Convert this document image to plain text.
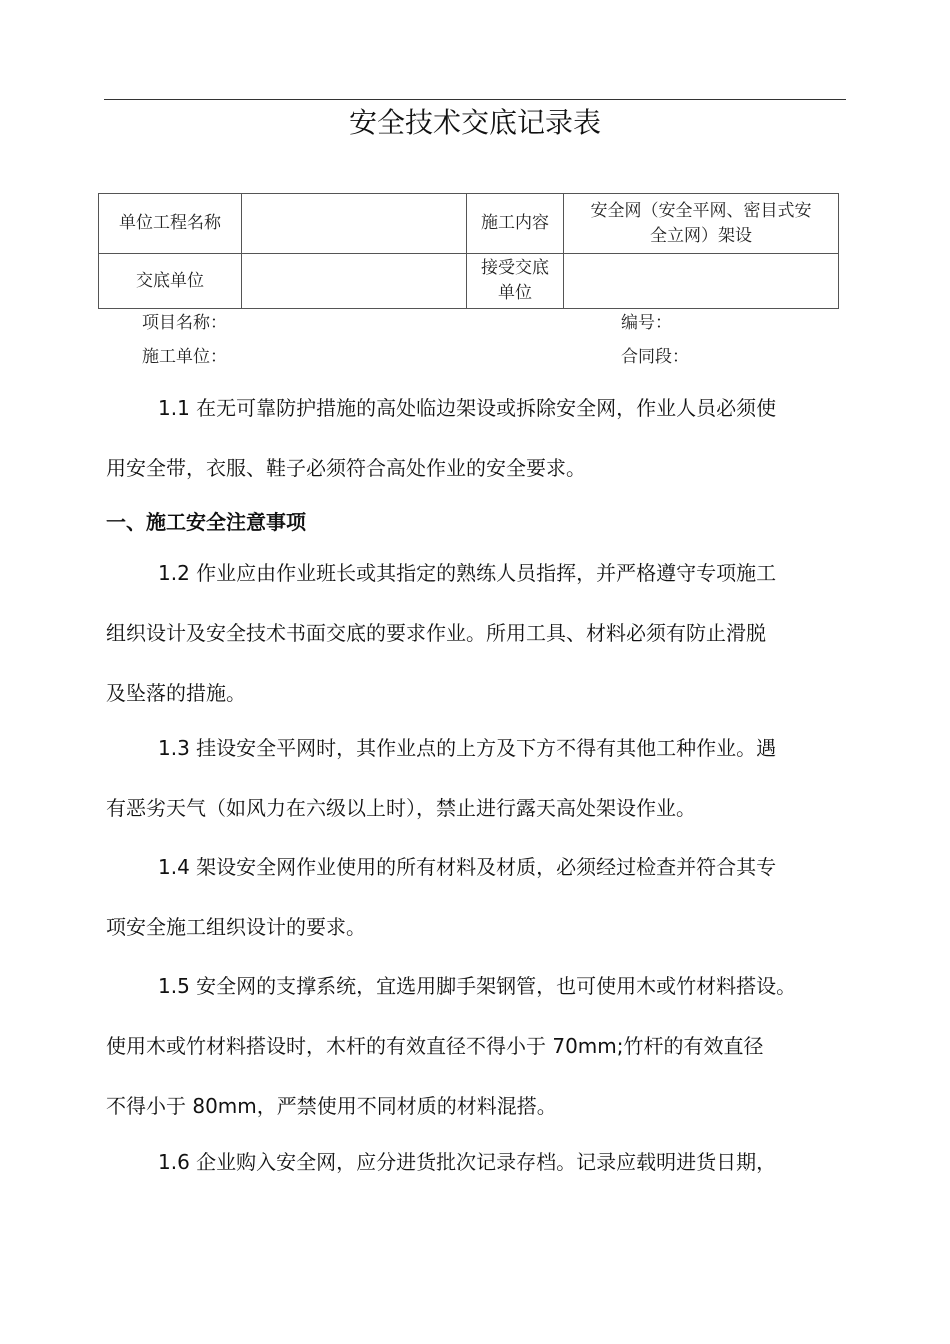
安全技术交底记录表
单位工程名称		施工内容	安全网（安全平网、密目式安
全立网）架设

交底单位		接受交底
单位	

项目名称：	编号：
施工单位：	合同段：
1.1 在无可靠防护措施的高处临边架设或拆除安全网，作业人员必须使
用安全带，衣服、鞋子必须符合高处作业的安全要求。
一、施工安全注意事项
1.2 作业应由作业班长或其指定的熟练人员指挥，并严格遵守专项施工
组织设计及安全技术书面交底的要求作业。所用工具、材料必须有防止滑脱
及坠落的措施。
1.3 挂设安全平网时，其作业点的上方及下方不得有其他工种作业。遇
有恶劣天气（如风力在六级以上时），禁止进行露天高处架设作业。
1.4 架设安全网作业使用的所有材料及材质，必须经过检查并符合其专
项安全施工组织设计的要求。
1.5 安全网的支撑系统，宜选用脚手架钢管，也可使用木或竹材料搭设。
使用木或竹材料搭设时，木杆的有效直径不得小于 70mm;竹杆的有效直径
不得小于 80mm，严禁使用不同材质的材料混搭。
1.6 企业购入安全网，应分进货批次记录存档。记录应载明进货日期，
